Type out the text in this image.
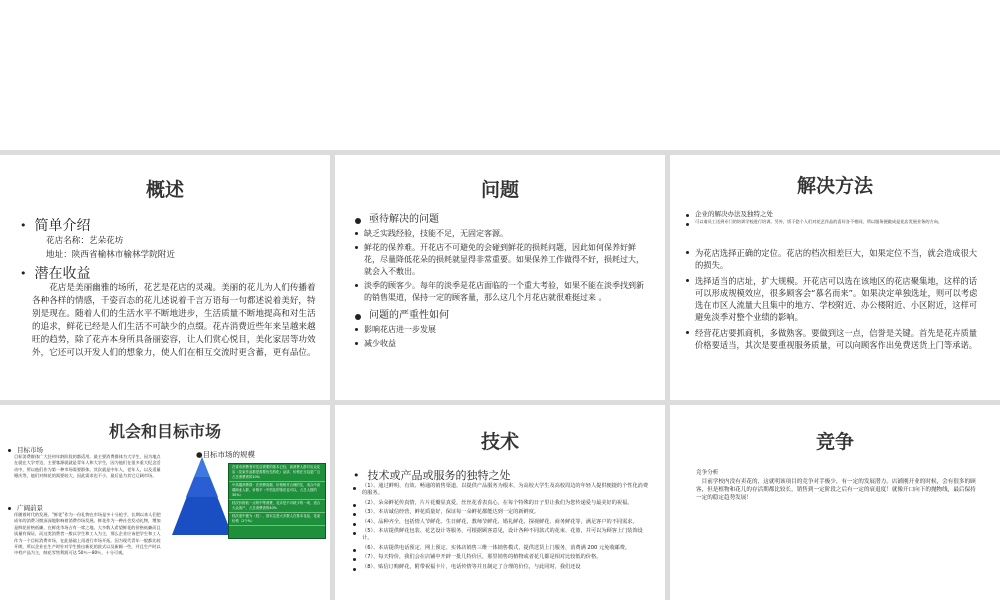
概述
• 简单介绍
花店名称：艺朵花坊
地址：陕西省榆林市榆林学院附近
• 潜在收益

花店是美丽幽雅的场所，花艺是花店的灵魂。美丽的花儿为人们传播着各种各样的情感，千姿百态的花儿述说着千言万语每一句都述说着美好，特别是现在。随着人们的生活水平不断地进步，生活质量不断地提高和对生活的追求，鲜花已经是人们生活不可缺少的点缀。花卉消费近些年来呈越来越旺的趋势，除了花卉本身所具备丽姿容，让人们赏心悦目，美化家居等功效外，它还可以开发人们的想象力，使人们在相互交流时更含蓄，更有品位。

问题
亟待解决的问题
缺乏实践经验，技能不足，无固定客源。
鲜花的保养难。开花店不可避免的会碰到鲜花的损耗问题，因此如何保养好鲜花，尽量降低花朵的损耗就显得非常重要。如果保养工作做得不好，损耗过大，就会入不敷出。
淡季的顾客少。每年的淡季是花店面临的一个重大考验，如果不能在淡季找到新的销售渠道，保持一定的顾客量，那么这几个月花店就很难挺过来 。
问题的严重性如何
影响花店进一步发展
减少收益
解决方法
企业的解决办法及独特之处
可以请员工送到专门的培训学校进行培训。另外，饭干您个人们对花艺作品的喜好各不相同，所以服务便做成是花店发展业务的方向。
为花店选择正确的定位。花店的档次相差巨大，如果定位不当，就会造成很大的损失。
选择适当的店址，扩大规模。开花店可以选在该地区的花店聚集地，这样的话可以形成规模效应，很多顾客会“慕名而来”。如果决定单独选址，则可以考虑选在市区人流量大且集中的地方、学校附近、办公楼附近、小区附近，这样可避免淡季对整个业绩的影响。
经营花店要抓商机，多做熟客。要做到这一点，信誉是关键。首先是花卉质量价格要适当，其次是要重视服务质量，可以向顾客作出免费送货上门等承诺。
机会和目标市场
目标市场

目标消费群体广大任何年龄阶段的都适用。最主要消费群体为大学生，因为地点在就在大学旁边，主要客源就就是青年人和大学生，因为他们在很多重大纪念活动中，所以他们作为第一种市场需要群体，其次就是中年人，老年人，以及适量婚庆等，他们对鲜花的需要较大，因此需求也不小，最后是为其它辽阔市场。

广阔前景

伴随着时代的发展，“鲜花”作为一份礼物在市场是多十分抢手，长期以来人们把成年的消费习惯深深地影响着消费市场发展。鲜花作为一种社会发动礼物，增加是鲜花价格低廉，在鲜花市场占有一席之地。大多数人希望鲜花的价格低廉而且质量有保证，而这类消费者一般以学生和工人为主，那么企业应该把学生和工人作为一个目标消费市场，在此基础上再进行市场开拓。因为现代青年一般都比较开朗，所以企业在生产时针对学生推出新花的款式以及新颖一些，并且生产时以中档产品为主，鲜花零售利润可达 50％～80％，十分可观。

●目标市场的规模
在省市消费者对花店需要的基本已经，高消费人群对出众花店（花束作品都是需要优先的化）品质、价格在日趋更广且占总消费者的10%
中高端消费群：在消费高端，价格相对合理的花，适合中高端商业人群，价格平（中档花的饰花也可以，占总人数的30%）
档次价格低一点的中等消费，花卉是不可缺少的一项，适合大众客户，占总消费者的40%
档次适中极为（档），基本这是大多数人在基本花品，花束价格（2个%）
技术
• 技术或产品或服务的独特之处
（1）、通过鲜明、有效、畅通的销售渠道，以提供产品服务为根本，为高校大学生及高校周边的年轻人提供便捷的个性化消费的服务。
（2）、朵朵鲜花传真情，片片花瓣显真爱，丝丝花香表真心，在每个特殊的日子里让我们为您传递爱与最美好的祝福。
（3）、本店诚信经营，鲜花质量好，保证每一朵鲜花都能达到一定的新鲜度。
（4）、品种齐全，包括情人节鲜花、生日鲜花、教师节鲜花、婚礼鲜花、探视鲜花、商务鲜花等，满足客户的不同需求。
（5）、本店提供鲜花包装、花艺设计等服务，可根据顾客意见，设计各种不同款式的花束、花篮，并可以为顾客上门装饰设计。
（6）、本店提供电话预定、网上预定、实体店销售三维一体销售模式，提供送货上门服务，消费满 200 元免收邮费。
（7）、每天特价，我们会在店铺中开辟一批几特价区，那里销售的植物或者花几都是相对比较低的价格。
（8）、贴信订购鲜花，附带祝福卡片，电话传情等并且制定了合理的价位，与此同时，我们还设
竞争
竞争分析

目前学校内没有卖花的，这就明该项目的竞争对手极少，有一定的发展潜力。店铺刚开业的时候，会有很多的顾客，但是植物和花儿的存活期都比较长，销售到一定阶段之后有一定的衰退度！就像开口向下的抛物线，最后保持一定的稳定趋势发展！
